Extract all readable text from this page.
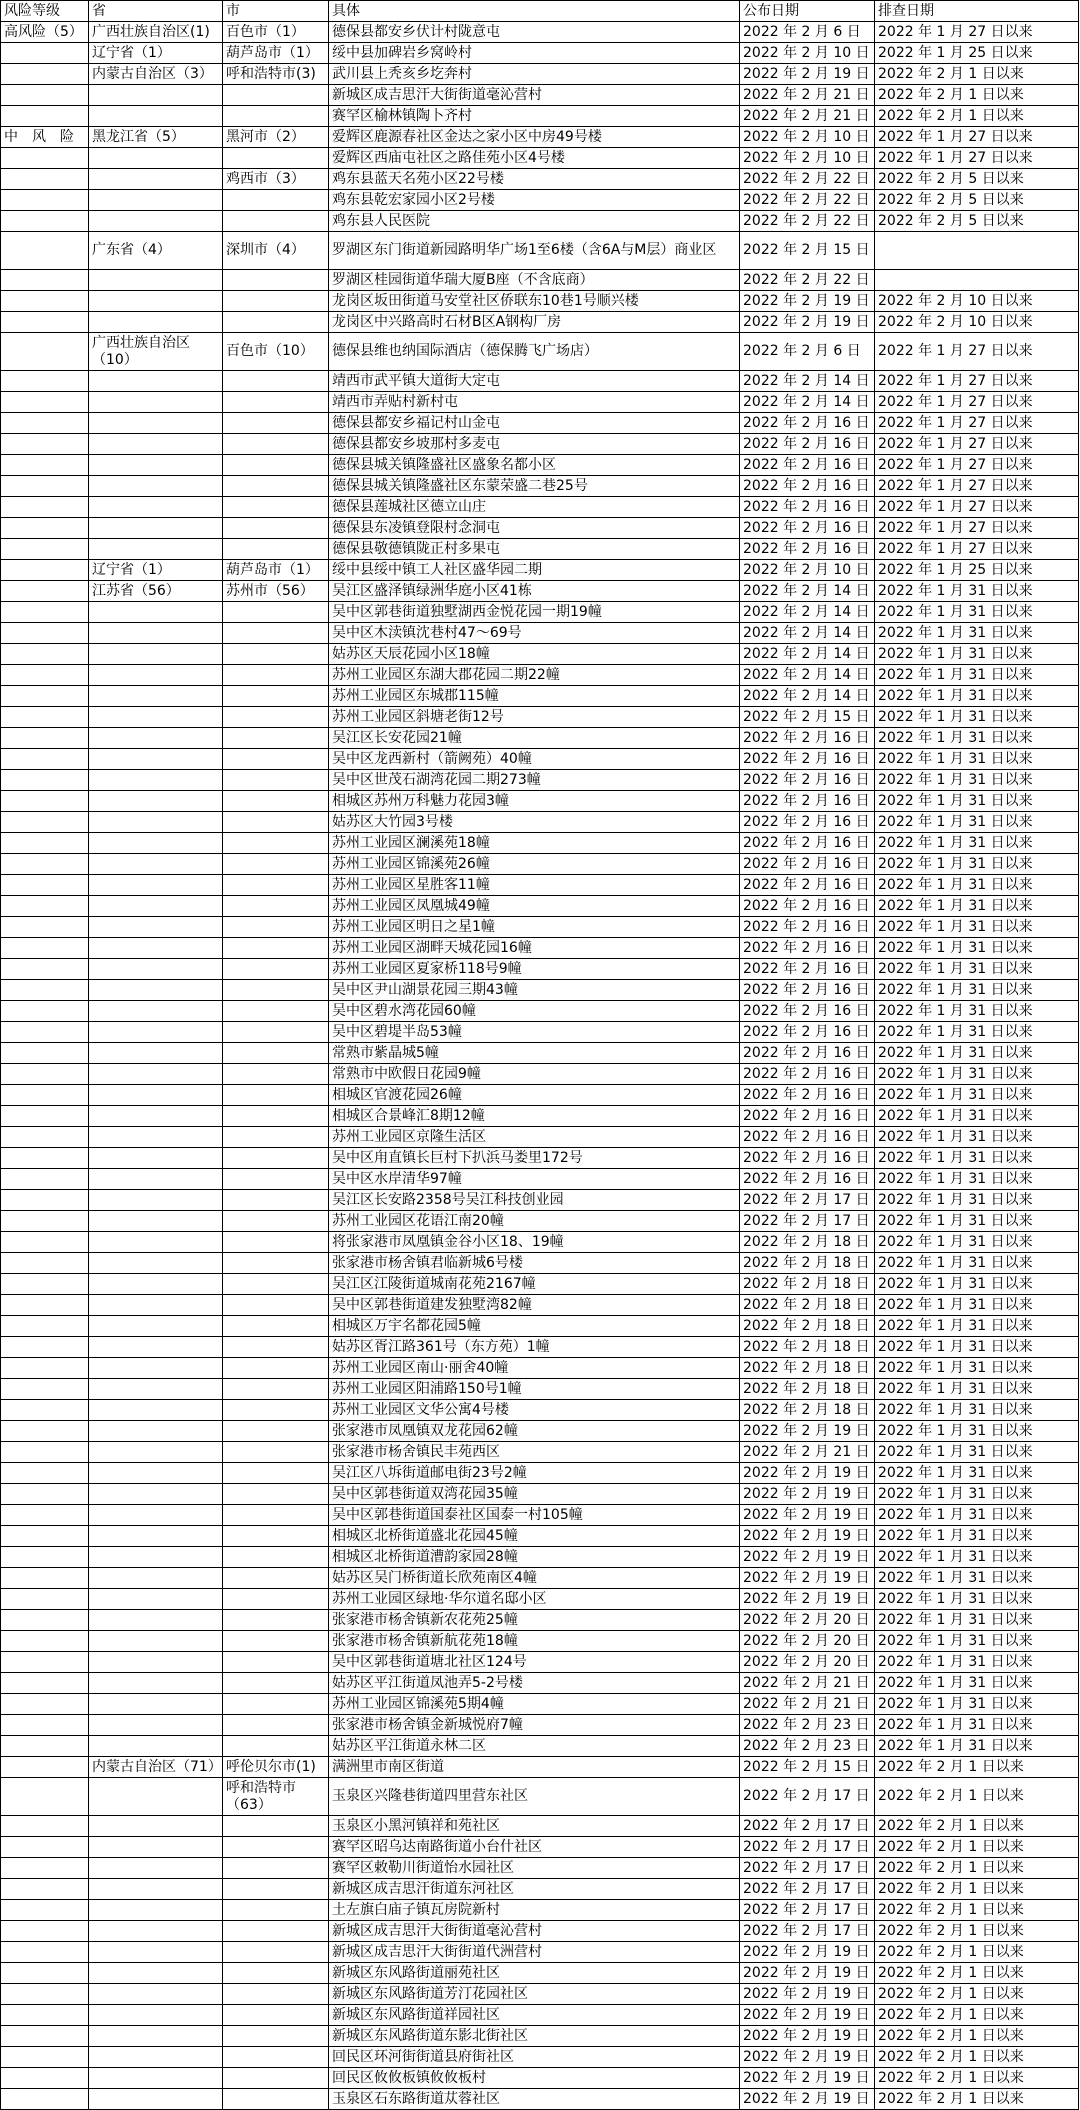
风险等级	省	市	具体	公布日期	排查日期
高风险（5）	广西壮族自治区(1)	百色市（1）	德保县都安乡伏计村陇意屯	2022 年 2 月 6 日	2022 年 1 月 27 日以来
	辽宁省（1）	葫芦岛市（1）	绥中县加碑岩乡窝岭村	2022 年 2 月 10 日	2022 年 1 月 25 日以来
	内蒙古自治区（3）	呼和浩特市(3)	武川县上秃亥乡圪奔村	2022 年 2 月 19 日	2022 年 2 月 1 日以来
			新城区成吉思汗大街街道毫沁营村	2022 年 2 月 21 日	2022 年 2 月 1 日以来
			赛罕区榆林镇陶卜齐村	2022 年 2 月 21 日	2022 年 2 月 1 日以来
中　风　险	黑龙江省（5）	黑河市（2）	爱辉区鹿源春社区金达之家小区中房49号楼	2022 年 2 月 10 日	2022 年 1 月 27 日以来
			爱辉区西庙屯社区之路佳苑小区4号楼	2022 年 2 月 10 日	2022 年 1 月 27 日以来
		鸡西市（3）	鸡东县蓝天名苑小区22号楼	2022 年 2 月 22 日	2022 年 2 月 5 日以来
			鸡东县乾宏家园小区2号楼	2022 年 2 月 22 日	2022 年 2 月 5 日以来
			鸡东县人民医院	2022 年 2 月 22 日	2022 年 2 月 5 日以来
	广东省（4）	深圳市（4）	罗湖区东门街道新园路明华广场1至6楼（含6A与M层）商业区	2022 年 2 月 15 日	
			罗湖区桂园街道华瑞大厦B座（不含底商）	2022 年 2 月 22 日	
			龙岗区坂田街道马安堂社区侨联东10巷1号顺兴楼	2022 年 2 月 19 日	2022 年 2 月 10 日以来
			龙岗区中兴路高时石材B区A钢构厂房	2022 年 2 月 19 日	2022 年 2 月 10 日以来
	广西壮族自治区（10）	百色市（10）	德保县维也纳国际酒店（德保腾飞广场店）	2022 年 2 月 6 日	2022 年 1 月 27 日以来
			靖西市武平镇大道街大定屯	2022 年 2 月 14 日	2022 年 1 月 27 日以来
			靖西市弄贴村新村屯	2022 年 2 月 14 日	2022 年 1 月 27 日以来
			德保县都安乡福记村山金屯	2022 年 2 月 16 日	2022 年 1 月 27 日以来
			德保县都安乡坡那村多麦屯	2022 年 2 月 16 日	2022 年 1 月 27 日以来
			德保县城关镇隆盛社区盛象名都小区	2022 年 2 月 16 日	2022 年 1 月 27 日以来
			德保县城关镇隆盛社区东蒙荣盛二巷25号	2022 年 2 月 16 日	2022 年 1 月 27 日以来
			德保县莲城社区德立山庄	2022 年 2 月 16 日	2022 年 1 月 27 日以来
			德保县东凌镇登限村念洞屯	2022 年 2 月 16 日	2022 年 1 月 27 日以来
			德保县敬德镇陇正村多果屯	2022 年 2 月 16 日	2022 年 1 月 27 日以来
	辽宁省（1）	葫芦岛市（1）	绥中县绥中镇工人社区盛华园二期	2022 年 2 月 10 日	2022 年 1 月 25 日以来
	江苏省（56）	苏州市（56）	吴江区盛泽镇绿洲华庭小区41栋	2022 年 2 月 14 日	2022 年 1 月 31 日以来
			吴中区郭巷街道独墅湖西金悦花园一期19幢	2022 年 2 月 14 日	2022 年 1 月 31 日以来
			吴中区木渎镇沈巷村47～69号	2022 年 2 月 14 日	2022 年 1 月 31 日以来
			姑苏区天辰花园小区18幢	2022 年 2 月 14 日	2022 年 1 月 31 日以来
			苏州工业园区东湖大郡花园二期22幢	2022 年 2 月 14 日	2022 年 1 月 31 日以来
			苏州工业园区东城郡115幢	2022 年 2 月 14 日	2022 年 1 月 31 日以来
			苏州工业园区斜塘老街12号	2022 年 2 月 15 日	2022 年 1 月 31 日以来
			吴江区长安花园21幢	2022 年 2 月 16 日	2022 年 1 月 31 日以来
			吴中区龙西新村（箭阙苑）40幢	2022 年 2 月 16 日	2022 年 1 月 31 日以来
			吴中区世茂石湖湾花园二期273幢	2022 年 2 月 16 日	2022 年 1 月 31 日以来
			相城区苏州万科魅力花园3幢	2022 年 2 月 16 日	2022 年 1 月 31 日以来
			姑苏区大竹园3号楼	2022 年 2 月 16 日	2022 年 1 月 31 日以来
			苏州工业园区澜溪苑18幢	2022 年 2 月 16 日	2022 年 1 月 31 日以来
			苏州工业园区锦溪苑26幢	2022 年 2 月 16 日	2022 年 1 月 31 日以来
			苏州工业园区星胜客11幢	2022 年 2 月 16 日	2022 年 1 月 31 日以来
			苏州工业园区凤凰城49幢	2022 年 2 月 16 日	2022 年 1 月 31 日以来
			苏州工业园区明日之星1幢	2022 年 2 月 16 日	2022 年 1 月 31 日以来
			苏州工业园区湖畔天城花园16幢	2022 年 2 月 16 日	2022 年 1 月 31 日以来
			苏州工业园区夏家桥118号9幢	2022 年 2 月 16 日	2022 年 1 月 31 日以来
			吴中区尹山湖景花园三期43幢	2022 年 2 月 16 日	2022 年 1 月 31 日以来
			吴中区碧水湾花园60幢	2022 年 2 月 16 日	2022 年 1 月 31 日以来
			吴中区碧堤半岛53幢	2022 年 2 月 16 日	2022 年 1 月 31 日以来
			常熟市紫晶城5幢	2022 年 2 月 16 日	2022 年 1 月 31 日以来
			常熟市中欧假日花园9幢	2022 年 2 月 16 日	2022 年 1 月 31 日以来
			相城区官渡花园26幢	2022 年 2 月 16 日	2022 年 1 月 31 日以来
			相城区合景峰汇8期12幢	2022 年 2 月 16 日	2022 年 1 月 31 日以来
			苏州工业园区京隆生活区	2022 年 2 月 16 日	2022 年 1 月 31 日以来
			吴中区甪直镇长巨村下扒浜马娄里172号	2022 年 2 月 16 日	2022 年 1 月 31 日以来
			吴中区水岸清华97幢	2022 年 2 月 16 日	2022 年 1 月 31 日以来
			吴江区长安路2358号吴江科技创业园	2022 年 2 月 17 日	2022 年 1 月 31 日以来
			苏州工业园区花语江南20幢	2022 年 2 月 17 日	2022 年 1 月 31 日以来
			将张家港市凤凰镇金谷小区18、19幢	2022 年 2 月 18 日	2022 年 1 月 31 日以来
			张家港市杨舍镇君临新城6号楼	2022 年 2 月 18 日	2022 年 1 月 31 日以来
			吴江区江陵街道城南花苑2167幢	2022 年 2 月 18 日	2022 年 1 月 31 日以来
			吴中区郭巷街道建发独墅湾82幢	2022 年 2 月 18 日	2022 年 1 月 31 日以来
			相城区万宇名都花园5幢	2022 年 2 月 18 日	2022 年 1 月 31 日以来
			姑苏区胥江路361号（东方苑）1幢	2022 年 2 月 18 日	2022 年 1 月 31 日以来
			苏州工业园区南山·丽舍40幢	2022 年 2 月 18 日	2022 年 1 月 31 日以来
			苏州工业园区阳浦路150号1幢	2022 年 2 月 18 日	2022 年 1 月 31 日以来
			苏州工业园区文华公寓4号楼	2022 年 2 月 18 日	2022 年 1 月 31 日以来
			张家港市凤凰镇双龙花园62幢	2022 年 2 月 19 日	2022 年 1 月 31 日以来
			张家港市杨舍镇民丰苑西区	2022 年 2 月 21 日	2022 年 1 月 31 日以来
			吴江区八坼街道邮电街23号2幢	2022 年 2 月 19 日	2022 年 1 月 31 日以来
			吴中区郭巷街道双湾花园35幢	2022 年 2 月 19 日	2022 年 1 月 31 日以来
			吴中区郭巷街道国泰社区国泰一村105幢	2022 年 2 月 19 日	2022 年 1 月 31 日以来
			相城区北桥街道盛北花园45幢	2022 年 2 月 19 日	2022 年 1 月 31 日以来
			相城区北桥街道漕韵家园28幢	2022 年 2 月 19 日	2022 年 1 月 31 日以来
			姑苏区吴门桥街道长欣苑南区4幢	2022 年 2 月 19 日	2022 年 1 月 31 日以来
			苏州工业园区绿地·华尔道名邸小区	2022 年 2 月 19 日	2022 年 1 月 31 日以来
			张家港市杨舍镇新农花苑25幢	2022 年 2 月 20 日	2022 年 1 月 31 日以来
			张家港市杨舍镇新航花苑18幢	2022 年 2 月 20 日	2022 年 1 月 31 日以来
			吴中区郭巷街道塘北社区124号	2022 年 2 月 20 日	2022 年 1 月 31 日以来
			姑苏区平江街道凤池弄5-2号楼	2022 年 2 月 21 日	2022 年 1 月 31 日以来
			苏州工业园区锦溪苑5期4幢	2022 年 2 月 21 日	2022 年 1 月 31 日以来
			张家港市杨舍镇金新城悦府7幢	2022 年 2 月 23 日	2022 年 1 月 31 日以来
			姑苏区平江街道永林二区	2022 年 2 月 23 日	2022 年 1 月 31 日以来
	内蒙古自治区（71）	呼伦贝尔市(1)	满洲里市南区街道	2022 年 2 月 15 日	2022 年 2 月 1 日以来
		呼和浩特市（63）	玉泉区兴隆巷街道四里营东社区	2022 年 2 月 17 日	2022 年 2 月 1 日以来
			玉泉区小黑河镇祥和苑社区	2022 年 2 月 17 日	2022 年 2 月 1 日以来
			赛罕区昭乌达南路街道小台什社区	2022 年 2 月 17 日	2022 年 2 月 1 日以来
			赛罕区敕勒川街道怡水园社区	2022 年 2 月 17 日	2022 年 2 月 1 日以来
			新城区成吉思汗街道东河社区	2022 年 2 月 17 日	2022 年 2 月 1 日以来
			土左旗白庙子镇瓦房院新村	2022 年 2 月 17 日	2022 年 2 月 1 日以来
			新城区成吉思汗大街街道毫沁营村	2022 年 2 月 17 日	2022 年 2 月 1 日以来
			新城区成吉思汗大街街道代洲营村	2022 年 2 月 19 日	2022 年 2 月 1 日以来
			新城区东风路街道丽苑社区	2022 年 2 月 19 日	2022 年 2 月 1 日以来
			新城区东风路街道芳汀花园社区	2022 年 2 月 19 日	2022 年 2 月 1 日以来
			新城区东风路街道祥园社区	2022 年 2 月 19 日	2022 年 2 月 1 日以来
			新城区东风路街道东影北街社区	2022 年 2 月 19 日	2022 年 2 月 1 日以来
			回民区环河街街道县府街社区	2022 年 2 月 19 日	2022 年 2 月 1 日以来
			回民区攸攸板镇攸攸板村	2022 年 2 月 19 日	2022 年 2 月 1 日以来
			玉泉区石东路街道苁蓉社区	2022 年 2 月 19 日	2022 年 2 月 1 日以来
